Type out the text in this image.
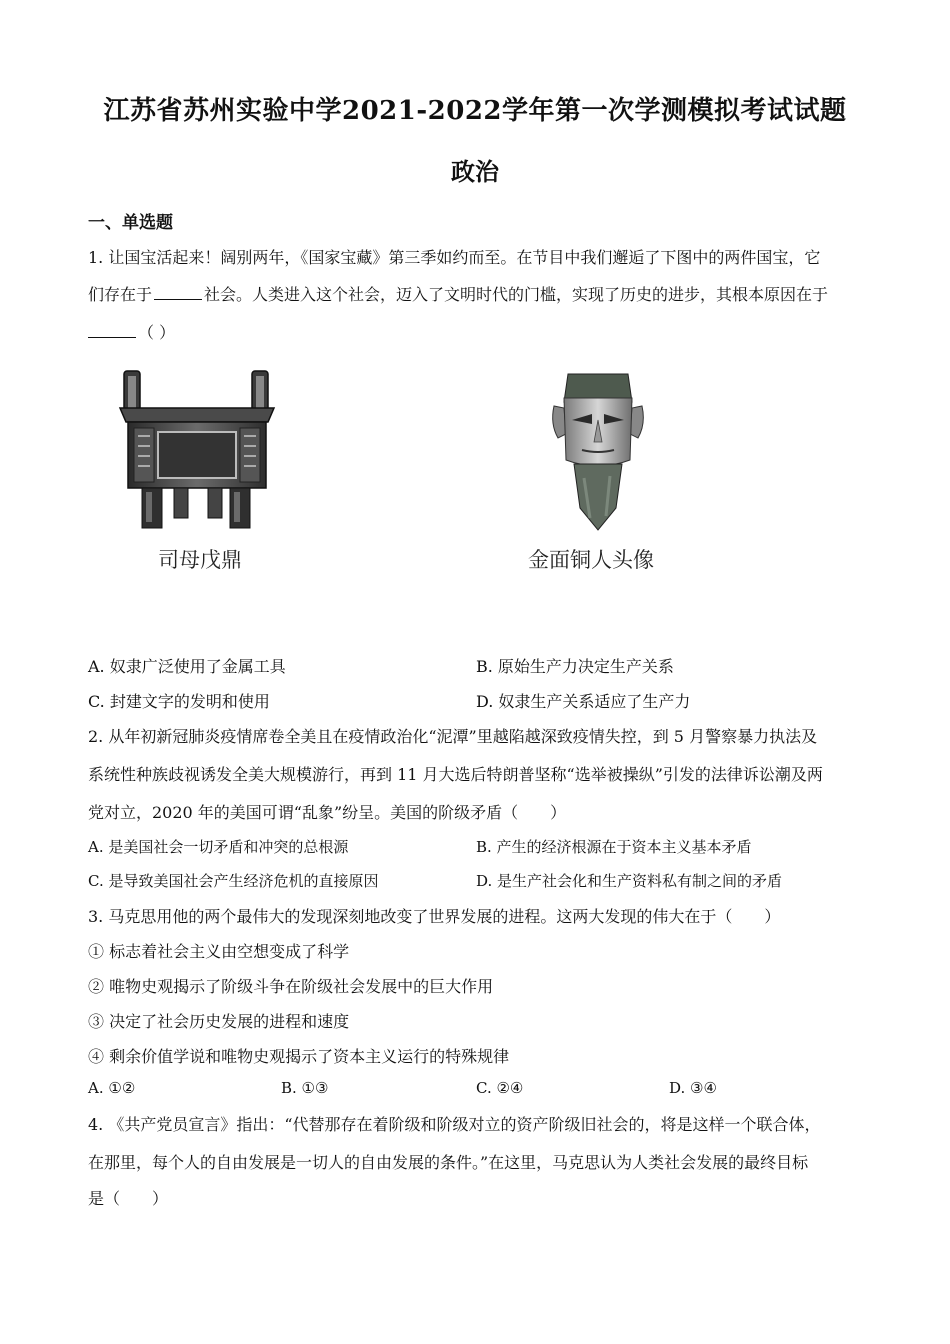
江苏省苏州实验中学2021-2022学年第一次学测模拟考试试题
政治
一、单选题
1. 让国宝活起来！阔别两年，《国家宝藏》第三季如约而至。在节目中我们邂逅了下图中的两件国宝，它
们存在于	社会。人类进入这个社会，迈入了文明时代的门槛，实现了历史的进步，其根本原因在于
（ ）
司母戊鼎	金面铜人头像
A. 奴隶广泛使用了金属工具	B. 原始生产力决定生产关系
C. 封建文字的发明和使用	D. 奴隶生产关系适应了生产力
2. 从年初新冠肺炎疫情席卷全美且在疫情政治化“泥潭”里越陷越深致疫情失控，到 5 月警察暴力执法及
系统性种族歧视诱发全美大规模游行，再到 11 月大选后特朗普坚称“选举被操纵”引发的法律诉讼潮及两
党对立，2020 年的美国可谓“乱象”纷呈。美国的阶级矛盾（　　）
A. 是美国社会一切矛盾和冲突的总根源	B. 产生的经济根源在于资本主义基本矛盾
C. 是导致美国社会产生经济危机的直接原因	D. 是生产社会化和生产资料私有制之间的矛盾
3. 马克思用他的两个最伟大的发现深刻地改变了世界发展的进程。这两大发现的伟大在于（　　）
① 标志着社会主义由空想变成了科学
② 唯物史观揭示了阶级斗争在阶级社会发展中的巨大作用
③ 决定了社会历史发展的进程和速度
④ 剩余价值学说和唯物史观揭示了资本主义运行的特殊规律
A. ①②	B. ①③	C. ②④	D. ③④
4. 《共产党员宣言》指出：“代替那存在着阶级和阶级对立的资产阶级旧社会的，将是这样一个联合体，
在那里，每个人的自由发展是一切人的自由发展的条件。”在这里，马克思认为人类社会发展的最终目标
是（　　）
